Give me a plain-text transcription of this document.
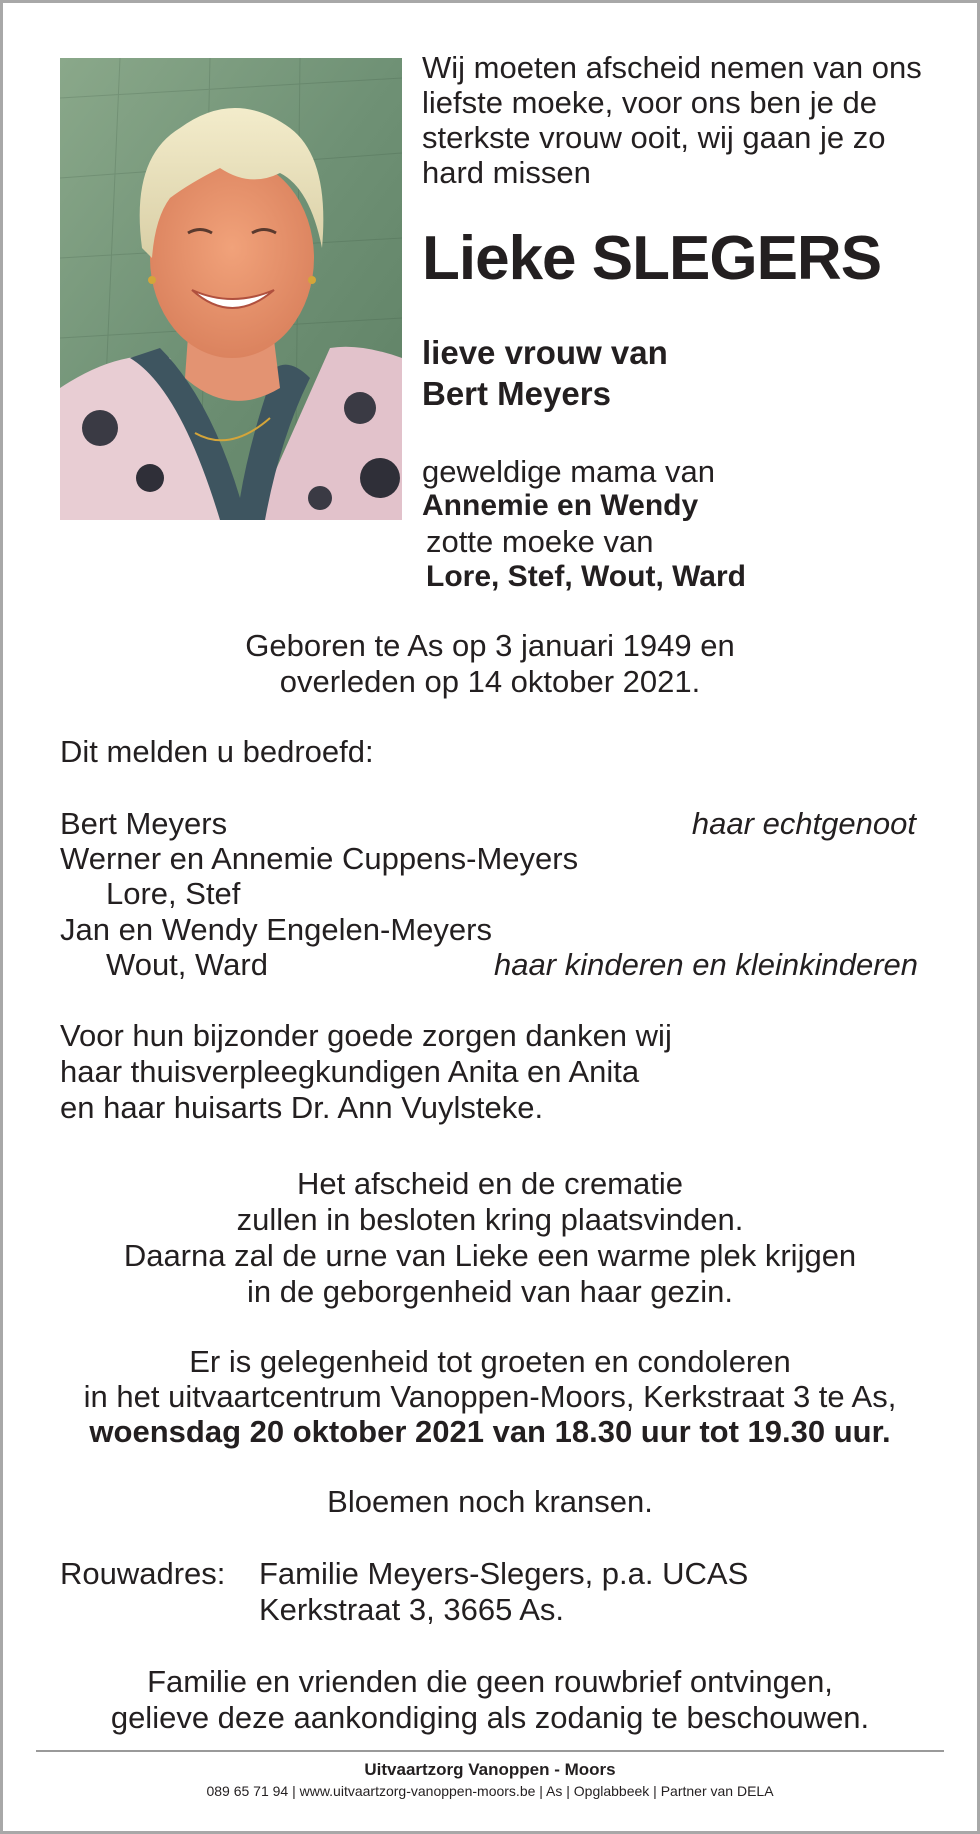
Wij moeten afscheid nemen van ons
liefste moeke, voor ons ben je de
sterkste vrouw ooit, wij gaan je zo
hard missen
Lieke SLEGERS
lieve vrouw van
Bert Meyers
geweldige mama van
Annemie en Wendy
zotte moeke van
Lore, Stef, Wout, Ward
Geboren te As op 3 januari 1949 en
overleden op 14 oktober 2021.
Dit melden u bedroefd:
Bert Meyers	haar echtgenoot
Werner en Annemie Cuppens-Meyers
Lore, Stef
Jan en Wendy Engelen-Meyers
Wout, Ward	haar kinderen en kleinkinderen
Voor hun bijzonder goede zorgen danken wij
haar thuisverpleegkundigen Anita en Anita
en haar huisarts Dr. Ann Vuylsteke.
Het afscheid en de crematie
zullen in besloten kring plaatsvinden.
Daarna zal de urne van Lieke een warme plek krijgen
in de geborgenheid van haar gezin.
Er is gelegenheid tot groeten en condoleren
in het uitvaartcentrum Vanoppen-Moors, Kerkstraat 3 te As,
woensdag 20 oktober 2021 van 18.30 uur tot 19.30 uur.
Bloemen noch kransen.
Rouwadres: Familie Meyers-Slegers, p.a. UCAS
Kerkstraat 3, 3665 As.
Familie en vrienden die geen rouwbrief ontvingen,
gelieve deze aankondiging als zodanig te beschouwen.
Uitvaartzorg Vanoppen - Moors
089 65 71 94 | www.uitvaartzorg-vanoppen-moors.be | As | Opglabbeek | Partner van DELA
